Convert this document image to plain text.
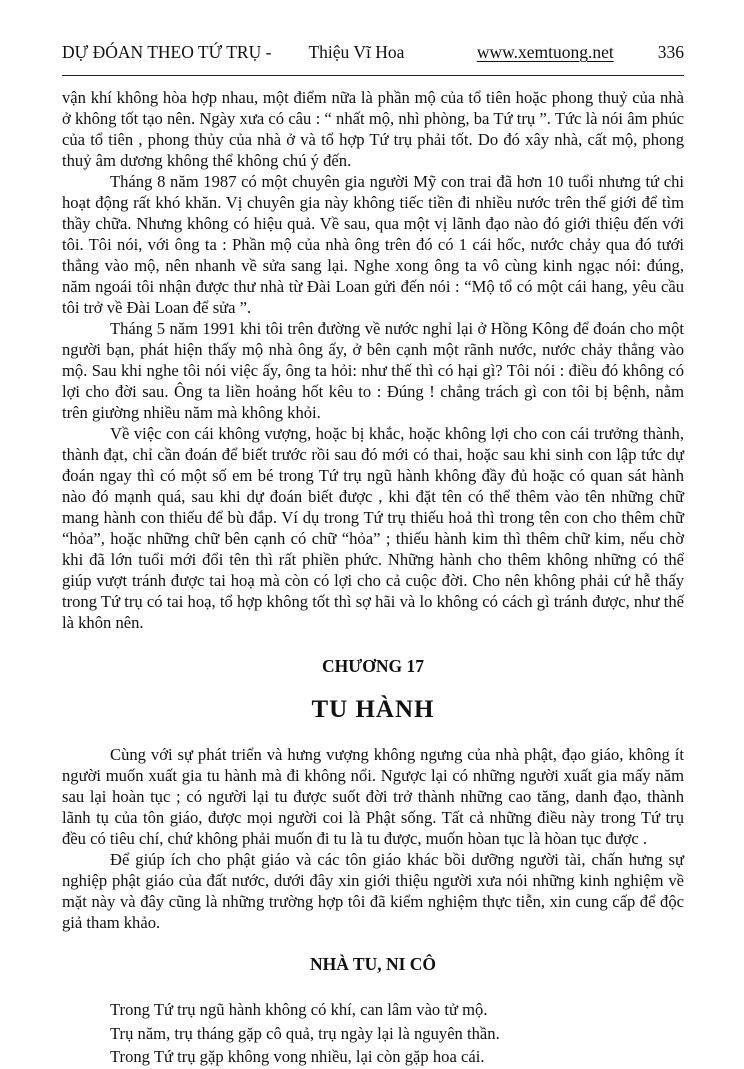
DỰ ĐÓAN THEO TỨ TRỤ - Thiệu Vĩ Hoa	www.xemtuong.net	336

vận khí không hòa hợp nhau, một điểm nữa là phần mộ của tổ tiên hoặc phong thuỷ của nhà ở không tốt tạo nên. Ngày xưa có câu : “ nhất mộ, nhì phòng, ba Tứ trụ ”. Tức là nói âm phúc của tổ tiên , phong thủy của nhà ở và tổ hợp Tứ trụ phải tốt. Do đó xây nhà, cất mộ, phong thuỷ âm dương không thể không chú ý đến.

Tháng 8 năm 1987 có một chuyên gia người Mỹ con trai đã hơn 10 tuổi nhưng tứ chi hoạt động rất khó khăn. Vị chuyên gia này không tiếc tiền đi nhiều nước trên thế giới để tìm thầy chữa. Nhưng không có hiệu quả. Về sau, qua một vị lãnh đạo nào đó giới thiệu đến với tôi. Tôi nói, với ông ta : Phần mộ của nhà ông trên đó có 1 cái hốc, nước chảy qua đó tưới thẳng vào mộ, nên nhanh về sửa sang lại. Nghe xong ông ta vô cùng kinh ngạc nói: đúng, năm ngoái tôi nhận được thư nhà từ Đài Loan gửi đến nói : “Mộ tổ có một cái hang, yêu cầu tôi trở về Đài Loan để sửa ”.

Tháng 5 năm 1991 khi tôi trên đường về nước nghỉ lại ở Hồng Kông để đoán cho một người bạn, phát hiện thấy mộ nhà ông ấy, ở bên cạnh một rãnh nước, nước chảy thẳng vào mộ. Sau khi nghe tôi nói việc ấy, ông ta hỏi: như thế thì có hại gì? Tôi nói : điều đó không có lợi cho đời sau. Ông ta liền hoảng hốt kêu to : Đúng ! chẳng trách gì con tôi bị bệnh, nằm trên giường nhiều năm mà không khỏi.

Về việc con cái không vượng, hoặc bị khắc, hoặc không lợi cho con cái trưởng thành, thành đạt, chỉ cần đoán để biết trước rồi sau đó mới có thai, hoặc sau khi sinh con lập tức dự đoán ngay thì có một số em bé trong Tứ trụ ngũ hành không đầy đủ hoặc có quan sát hành nào đó mạnh quá, sau khi dự đoán biết được , khi đặt tên có thể thêm vào tên những chữ mang hành con thiếu để bù đắp. Ví dụ trong Tứ trụ thiếu hoả thì trong tên con cho thêm chữ “hỏa”, hoặc những chữ bên cạnh có chữ “hỏa” ; thiếu hành kim thì thêm chữ kim, nếu chờ khi đã lớn tuổi mới đổi tên thì rất phiền phức. Những hành cho thêm không những có thể giúp vượt tránh được tai hoạ mà còn có lợi cho cả cuộc đời. Cho nên không phải cứ hễ thấy trong Tứ trụ có tai hoạ, tổ hợp không tốt thì sợ hãi và lo không có cách gì tránh được, như thế là khôn nên.

CHƯƠNG 17
TU HÀNH

Cùng với sự phát triển và hưng vượng không ngưng của nhà phật, đạo giáo, không ít người muốn xuất gia tu hành mà đi không nổi. Ngược lại có những người xuất gia mấy năm sau lại hoàn tục ; có người lại tu được suốt đời trở thành những cao tăng, danh đạo, thành lãnh tụ của tôn giáo, được mọi người coi là Phật sống. Tất cả những điều này trong Tứ trụ đều có tiêu chí, chứ không phải muốn đi tu là tu được, muốn hòan tục là hòan tục được .

Để giúp ích cho phật giáo và các tôn giáo khác bồi dưỡng người tài, chấn hưng sự nghiệp phật giáo của đất nước, dưới đây xin giới thiệu người xưa nói những kinh nghiệm về mặt này và đây cũng là những trường hợp tôi đã kiểm nghiệm thực tiễn, xin cung cấp để độc giả tham khảo.

NHÀ TU, NI CÔ

Trong Tứ trụ ngũ hành không có khí, can lâm vào tử mộ.

Trụ năm, trụ tháng gặp cô quả, trụ ngày lại là nguyên thần.

Trong Tứ trụ gặp không vong nhiều, lại còn gặp hoa cái.
